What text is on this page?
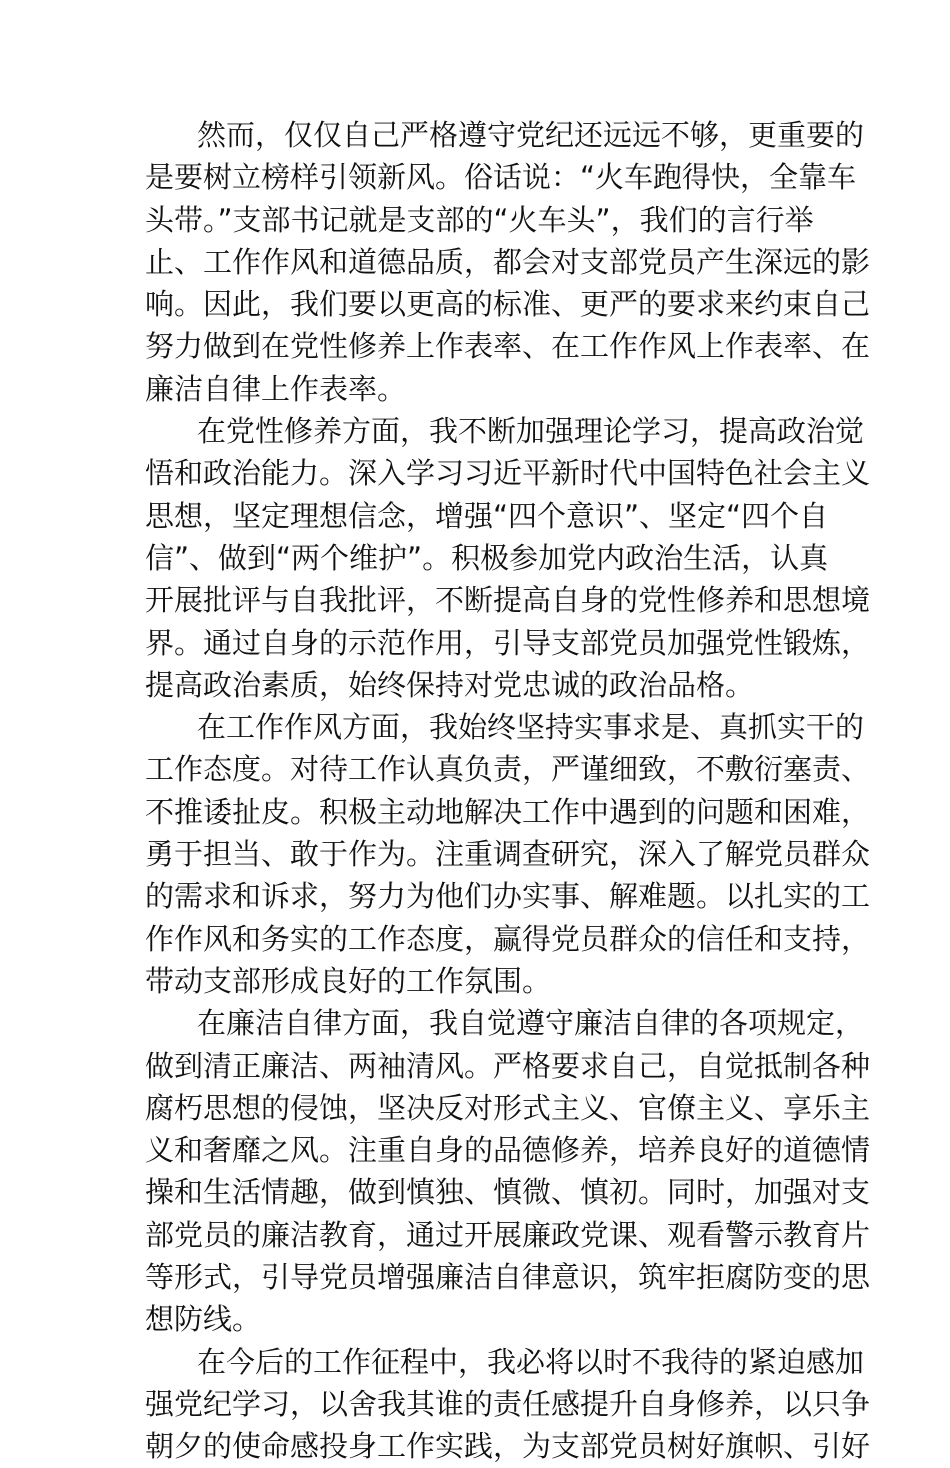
然而，仅仅自己严格遵守党纪还远远不够，更重要的
是要树立榜样引领新风。俗话说：“火车跑得快，全靠车
头带。”支部书记就是支部的“火车头”，我们的言行举
止、工作作风和道德品质，都会对支部党员产生深远的影
响。因此，我们要以更高的标准、更严的要求来约束自己
努力做到在党性修养上作表率、在工作作风上作表率、在
廉洁自律上作表率。
在党性修养方面，我不断加强理论学习，提高政治觉
悟和政治能力。深入学习习近平新时代中国特色社会主义
思想，坚定理想信念，增强“四个意识”、坚定“四个自
信”、做到“两个维护”。积极参加党内政治生活，认真
开展批评与自我批评，不断提高自身的党性修养和思想境
界。通过自身的示范作用，引导支部党员加强党性锻炼，
提高政治素质，始终保持对党忠诚的政治品格。
在工作作风方面，我始终坚持实事求是、真抓实干的
工作态度。对待工作认真负责，严谨细致，不敷衍塞责、
不推诿扯皮。积极主动地解决工作中遇到的问题和困难，
勇于担当、敢于作为。注重调查研究，深入了解党员群众
的需求和诉求，努力为他们办实事、解难题。以扎实的工
作作风和务实的工作态度，赢得党员群众的信任和支持，
带动支部形成良好的工作氛围。
在廉洁自律方面，我自觉遵守廉洁自律的各项规定，
做到清正廉洁、两袖清风。严格要求自己，自觉抵制各种
腐朽思想的侵蚀，坚决反对形式主义、官僚主义、享乐主
义和奢靡之风。注重自身的品德修养，培养良好的道德情
操和生活情趣，做到慎独、慎微、慎初。同时，加强对支
部党员的廉洁教育，通过开展廉政党课、观看警示教育片
等形式，引导党员增强廉洁自律意识，筑牢拒腐防变的思
想防线。
在今后的工作征程中，我必将以时不我待的紧迫感加
强党纪学习，以舍我其谁的责任感提升自身修养，以只争
朝夕的使命感投身工作实践，为支部党员树好旗帜、引好
